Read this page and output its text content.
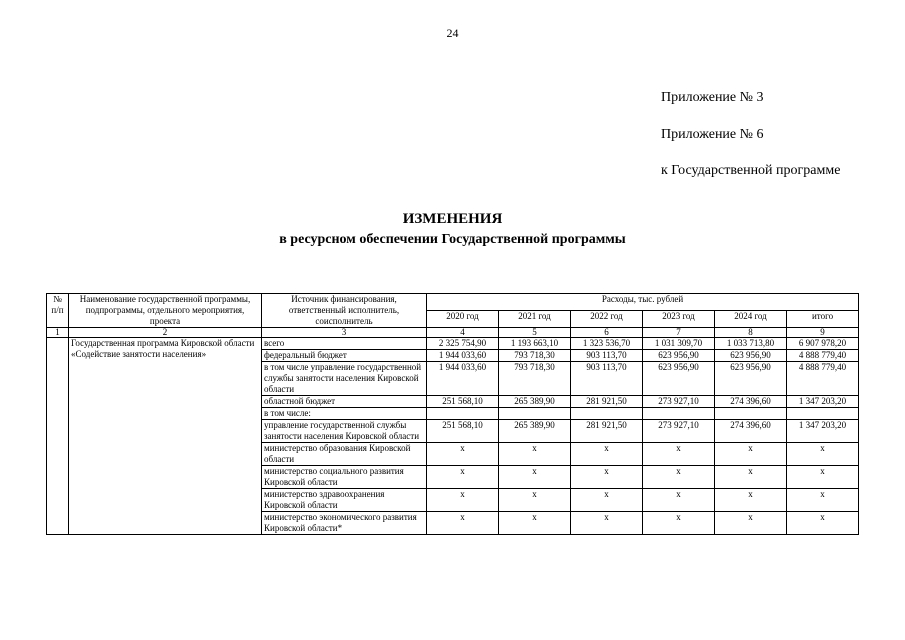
24
Приложение № 3
Приложение № 6
к Государственной программе
ИЗМЕНЕНИЯ
в ресурсном обеспечении Государственной программы
№ п/п	Наименование государственной программы, подпрограммы, отдельного мероприятия, проекта	Источник финансирования, ответственный исполнитель, соисполнитель	Расходы, тыс. рублей					
			2020 год	2021 год	2022 год	2023 год	2024 год	итого
1	2	3	4	5	6	7	8	9
	Государственная программа Кировской области «Содействие занятости населения»	всего	2 325 754,90	1 193 663,10	1 323 536,70	1 031 309,70	1 033 713,80	6 907 978,20
		федеральный бюджет	1 944 033,60	793 718,30	903 113,70	623 956,90	623 956,90	4 888 779,40
		в том числе управление государственной службы занятости населения Кировской области	1 944 033,60	793 718,30	903 113,70	623 956,90	623 956,90	4 888 779,40
		областной бюджет	251 568,10	265 389,90	281 921,50	273 927,10	274 396,60	1 347 203,20
		в том числе:						
		управление государственной службы занятости населения Кировской области	251 568,10	265 389,90	281 921,50	273 927,10	274 396,60	1 347 203,20
		министерство образования Кировской области	х	х	х	х	х	х
		министерство социального развития Кировской области	х	х	х	х	х	х
		министерство здравоохранения Кировской области	х	х	х	х	х	х
		министерство экономического развития Кировской области*	х	х	х	х	х	х
